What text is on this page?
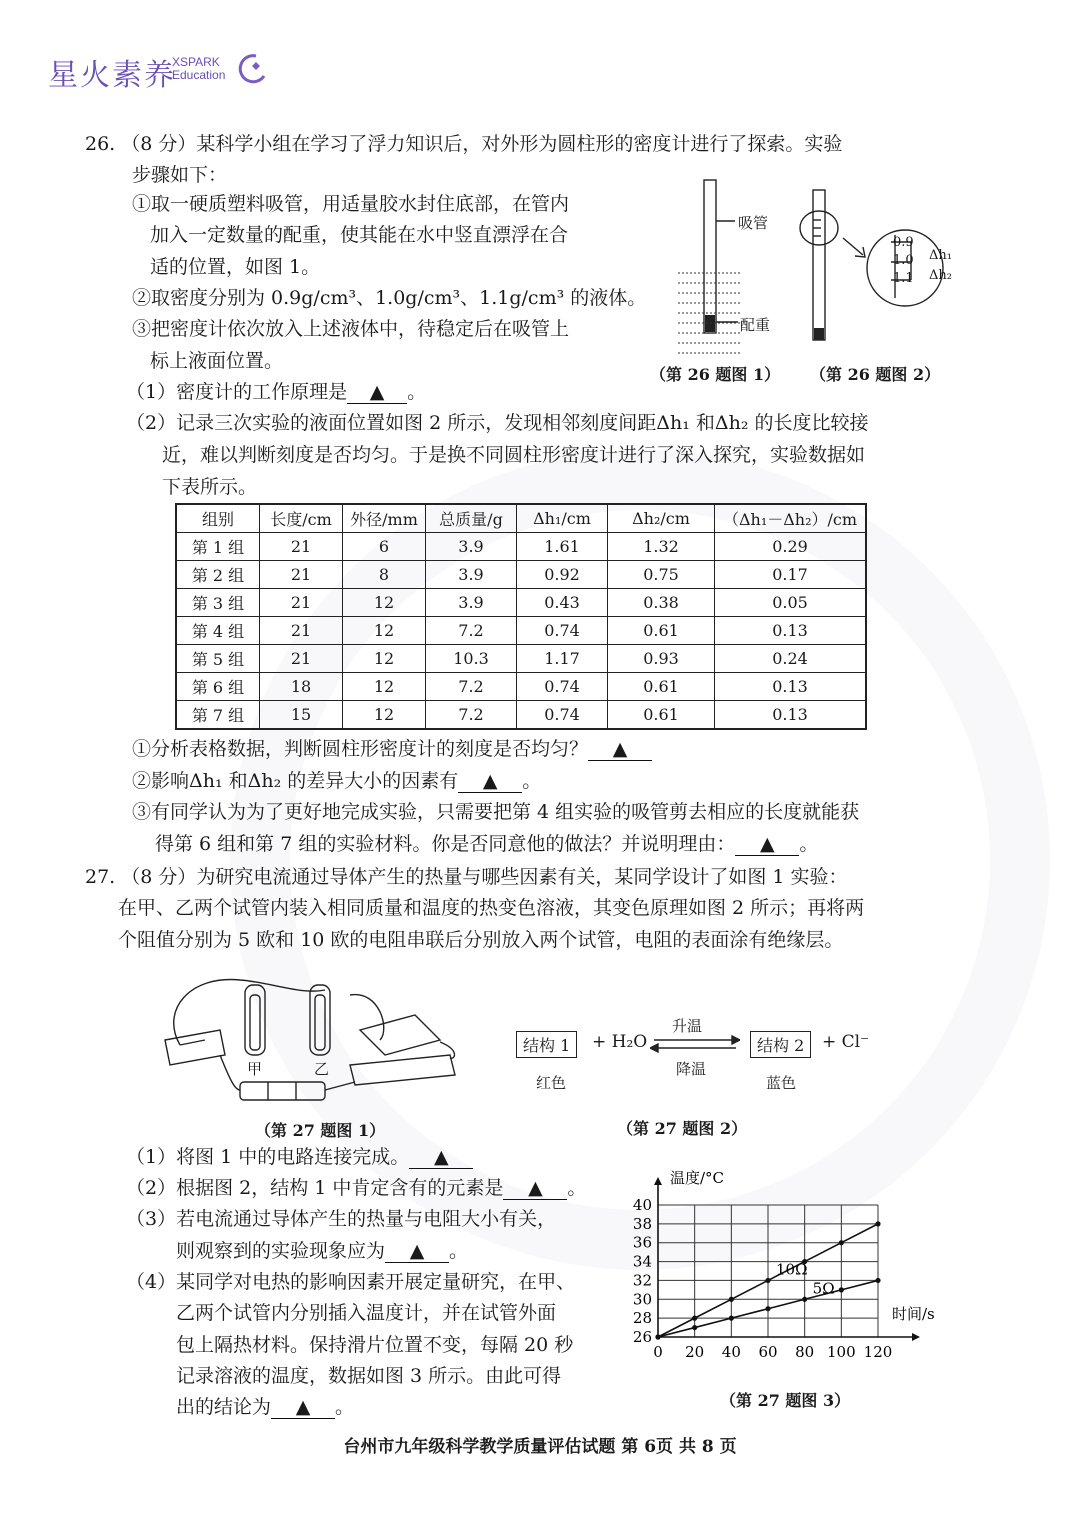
星火素养
XSPARK
Education
26. （8 分）某科学小组在学习了浮力知识后，对外形为圆柱形的密度计进行了探索。实验
步骤如下：
①取一硬质塑料吸管，用适量胶水封住底部，在管内
加入一定数量的配重，使其能在水中竖直漂浮在合
适的位置，如图 1。
②取密度分别为 0.9g/cm³、1.0g/cm³、1.1g/cm³ 的液体。
③把密度计依次放入上述液体中，待稳定后在吸管上
标上液面位置。
（1）密度计的工作原理是 ▲ 。
（2）记录三次实验的液面位置如图 2 所示，发现相邻刻度间距Δh₁ 和Δh₂ 的长度比较接
近，难以判断刻度是否均匀。于是换不同圆柱形密度计进行了深入探究，实验数据如
下表所示。
吸管
配重
0.9
1.0
1.1
Δh₁
Δh₂
（第 26 题图 1） （第 26 题图 2）
组别	长度/cm	外径/mm	总质量/g	Δh₁/cm	Δh₂/cm	（Δh₁－Δh₂）/cm
第 1 组	21	6	3.9	1.61	1.32	0.29
第 2 组	21	8	3.9	0.92	0.75	0.17
第 3 组	21	12	3.9	0.43	0.38	0.05
第 4 组	21	12	7.2	0.74	0.61	0.13
第 5 组	21	12	10.3	1.17	0.93	0.24
第 6 组	18	12	7.2	0.74	0.61	0.13
第 7 组	15	12	7.2	0.74	0.61	0.13
①分析表格数据，判断圆柱形密度计的刻度是否均匀？ ▲
②影响Δh₁ 和Δh₂ 的差异大小的因素有 ▲ 。
③有同学认为为了更好地完成实验，只需要把第 4 组实验的吸管剪去相应的长度就能获
得第 6 组和第 7 组的实验材料。你是否同意他的做法？并说明理由： ▲ 。
27. （8 分）为研究电流通过导体产生的热量与哪些因素有关，某同学设计了如图 1 实验：
在甲、乙两个试管内装入相同质量和温度的热变色溶液，其变色原理如图 2 所示；再将两
个阻值分别为 5 欧和 10 欧的电阻串联后分别放入两个试管，电阻的表面涂有绝缘层。
甲	乙
（第 27 题图 1）
结构 1	+ H₂O
升温
降温
结构 2	+ Cl⁻
红色	蓝色
（第 27 题图 2）
（1）将图 1 中的电路连接完成。 ▲
（2）根据图 2，结构 1 中肯定含有的元素是 ▲ 。
（3）若电流通过导体产生的热量与电阻大小有关，
则观察到的实验现象应为 ▲ 。
（4）某同学对电热的影响因素开展定量研究，在甲、
乙两个试管内分别插入温度计，并在试管外面
包上隔热材料。保持滑片位置不变，每隔 20 秒
记录溶液的温度，数据如图 3 所示。由此可得
出的结论为 ▲ 。
0 20 40 60 80 100 120
26
28
30
32
34
36
38
40
温度/°C
时间/s
10Ω
5Ω
（第 27 题图 3）
台州市九年级科学教学质量评估试题 第 6页 共 8 页
